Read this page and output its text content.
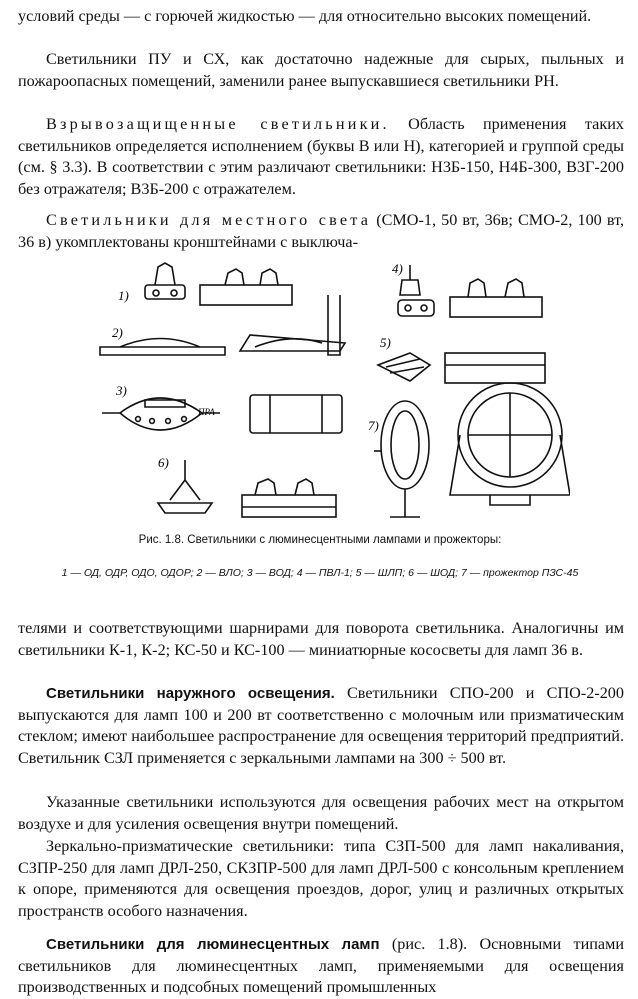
условий среды — с горючей жидкостью — для относительно высоких помещений.

Светильники ПУ и СХ, как достаточно надежные для сырых, пыльных и пожароопасных помещений, заменили ранее выпускавшиеся светильники РН.

Взрывозащищенные светильники. Область применения таких светильников определяется исполнением (буквы В или Н), категорией и группой среды (см. § 3.3). В соответствии с этим различают светильники: Н3Б-150, Н4Б-300, В3Г-200 без отражателя; В3Б-200 с отражателем.

Светильники для местного света (СМО-1, 50 вт, 36в; СМО-2, 100 вт, 36 в) укомплектованы кронштейнами с выключа-

ПРА
1)
2)
3)
4)
5)
6)
7)
Рис. 1.8. Светильники с люминесцентными лампами и прожекторы:
1 — ОД, ОДР, ОДО, ОДОР; 2 — ВЛО; 3 — ВОД; 4 — ПВЛ-1; 5 — ШЛП; 6 — ШОД; 7 — прожектор ПЗС-45

телями и соответствующими шарнирами для поворота светильника. Аналогичны им светильники К-1, К-2; КС-50 и КС-100 — миниатюрные кососветы для ламп 36 в.

Светильники наружного освещения. Светильники СПО-200 и СПО-2-200 выпускаются для ламп 100 и 200 вт соответственно с молочным или призматическим стеклом; имеют наибольшее распространение для освещения территорий предприятий. Светильник СЗЛ применяется с зеркальными лампами на 300 ÷ 500 вт.

Указанные светильники используются для освещения рабочих мест на открытом воздухе и для усиления освещения внутри помещений.

Зеркально-призматические светильники: типа СЗП-500 для ламп накаливания, СЗПР-250 для ламп ДРЛ-250, СКЗПР-500 для ламп ДРЛ-500 с консольным креплением к опоре, применяются для освещения проездов, дорог, улиц и различных открытых пространств особого назначения.

Светильники для люминесцентных ламп (рис. 1.8). Основными типами светильников для люминесцентных ламп, применяемыми для освещения производственных и подсобных помещений промышленных
